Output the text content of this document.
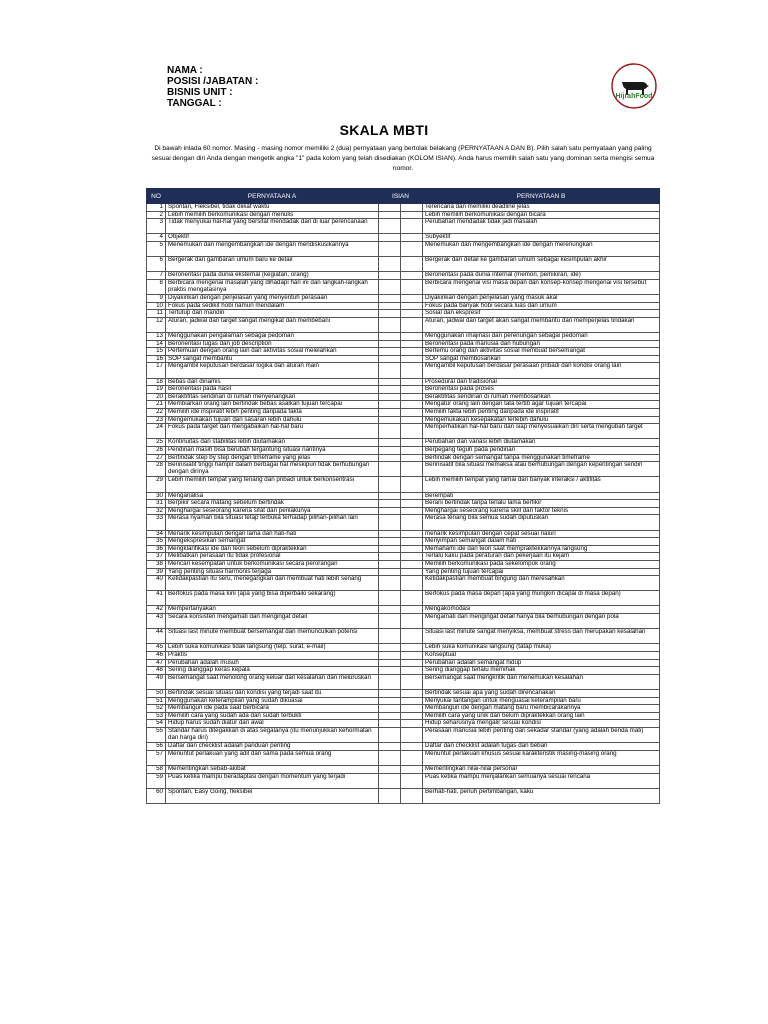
NAMA :
POSISI /JABATAN :
BISNIS UNIT :
TANGGAL :
HijrahFood
SKALA MBTI
Di bawah inlada 60 nomor. Masing - masing nomor memiliki 2 (dua) pernyataan yang bertolak belakang (PERNYATAAN A DAN B). Pilih salah satu pernyataan yang paling sesuai dengan diri Anda dengan mengetik angka "1" pada kolom yang telah disediakan (KOLOM ISIAN). Anda harus memilih salah satu yang dominan serta mengisi semua nomor.
NO	PERNYATAAN A	ISIAN		PERNYATAAN B
1	Spontan, Fleksibel, tidak diikat waktu			Terencana dan memiliki deadline jelas
2	Lebih memilih berkomunikasi dengan menulis			Lebih memilih berkomunikasi dengan bicara
3	Tidak menyukai hal-hal yang bersifat mendadak dan di luar perencanaan			Perubahan mendadak tidak jadi masalah
4	Objektif			Subyektif
5	Menemukan dan mengembangkan ide dengan mendiskusikannya			Menemukan dan mengembangkan ide dengan merenungkan
6	Bergerak dari gambaran umum baru ke detail			Bergerak dari detail ke gambaran umum sebagai kesimpulan akhir
7	Berorientasi pada dunia eksternal (kegiatan, orang)			Berorientasi pada dunia internal (memori, pemikiran, ide)
8	Berbicara mengenai masalah yang dihadapi hari ini dan langkah-langkah praktis mengatasinya			Berbicara mengenai visi masa depan dan konsep-konsep mengenai visi tersebut
9	Diyakinkan dengan penjelasan yang menyentuh perasaan			Diyakinkan dengan penjelasan yang masuk akal
10	Fokus pada sedikit hobi namun mendalam			Fokus pada banyak hobi secara luas dan umum
11	Tertutup dan mandiri			Sosial dan ekspresif
12	Aturan, jadwal dan target sangat mengikat dan membebani			Aturan, jadwal dan target akan sangat membantu dan memperjelas tindakan
13	Menggunakan pengalaman sebagai pedoman			Menggunakan imajinasi dan perenungan sebagai pedoman
14	Berorientasi tugas dan job description			Berorientasi pada manusia dan hubungan
15	Pertemuan dengan orang lain dan aktivitas sosial melelahkan			Bertemu orang dan aktivitas sosial membuat bersemangat
16	SOP sangat membantu			SOP sangat membosankan
17	Mengambil keputusan berdasar logika dan aturan main			Mengambil keputusan berdasar perasaan pribadi dan kondisi orang lain
18	Bebas dan dinamis			Prosedural dan tradisional
19	Berorientasi pada hasil			Berorientasi pada proses
20	Beraktifitas sendirian di rumah menyenangkan			Beraktifitas sendirian di rumah membosankan
21	Membiarkan orang lain bertindak bebas asalkan tujuan tercapai			Mengatur orang lain dengan tata tertib agar tujuan tercapai
22	Memilih ide inspiratif lebih penting daripada fakta			Memilih fakta lebih penting daripada ide inspiratif
23	Mengemukakan tujuan dan sasaran lebih dahulu			Mengemukakan kesepakatan terlebih dahulu
24	Fokus pada target dan mengabaikan hal-hal baru			Memperhatikan hal-hal baru dan siap menyesuaikan diri serta mengubah target
25	Kontinuitas dan stabilitas lebih diutamakan			Perubahan dan variasi lebih diutamakan
26	Pendirian masih bisa berubah tergantung situasi nantinya			Berpegang teguh pada pendirian
27	Bertindak step by step dengan timeframe yang jelas			Bertindak dengan semangat tanpa menggunakan timeframe
28	Berinisiatif tinggi hampir dalam berbagai hal meskipun tidak berhubungan dengan dirinya			Berinisiatif bila situasi memaksa atau berhubungan dengan kepentingan sendiri
29	Lebih memilih tempat yang tenang dan pribadi untuk berkonsentrasi			Lebih memilih tempat yang ramai dan banyak interaksi / aktifitas
30	Menganalisa			Berempati
31	Berpikir secara matang sebelum bertindak			Berani bertindak tanpa terlalu lama berfikir
32	Menghargai seseorang karena sifat dan perilakunya			Menghargai seseorang karena skill dan faktor teknis
33	Merasa nyaman bila situasi tetap terbuka terhadap pilihan-pilihan lain			Merasa tenang bila semua sudah diputuskan
34	Menarik kesimpulan dengan lama dan hati-hati			menarik kesimpulan dengan cepat sesuai naluri
35	Mengekspresikan semangat			Menyimpan semangat dalam hati
36	Mengklarifikasi ide dan teori sebelum dipraktekkan			Memahami ide dan teori saat mempraktekkannya langsung
37	Melibatkan perasaan itu tidak profesional			Terlalu kaku pada peraturan dan pekerjaan itu kejam
38	Mencari kesempatan untuk berkomunikasi secara perorangan			Memilih berkomunikasi pada sekelompok orang
39	Yang penting situasi harmonis terjaga			Yang penting tujuan tercapai
40	Ketidakpastian itu seru, menegangkan dan membuat hati lebih senang			Ketidakpastian membuat bingung dan meresahkan
41	Berfokus pada masa kini (apa yang bisa diperbaiki sekarang)			Berfokus pada masa depan (apa yang mungkin dicapai di masa depan)
42	Mempertanyakan			Mengakomodasi
43	Secara konsisten mengamati dan mengingat detail			Mengamati dan mengingat detail hanya bila berhubungan dengan pola
44	Situasi last minute membuat bersemangat dan memunculkan potensi			Situasi last minute sangat menyiksa, membuat stress dan merupakan kesalahan
45	Lebih suka komunikasi tidak langsung (telp, surat, e-mail)			Lebih suka komunikasi langsung (tatap muka)
46	Praktis			Konseptual
47	Perubahan adalah musuh			Perubahan adalah semangat hidup
48	Sering dianggap keras kepala			Sering dianggap terlalu memihak
49	Bersemangat saat menolong orang keluar dari kesalahan dan meluruskan			Bersemangat saat mengkritik dan menemukan kesalahan
50	Bertindak sesuai situasi dan kondisi yang terjadi saat itu			Bertindak sesuai apa yang sudah direncanakan
51	Menggunakan keterampilan yang sudah dikuasai			Menyukai tantangan untuk menguasai keterampilan baru
52	Membangun ide pada saat berbicara			Membangun ide dengan matang baru membicarakannya
53	Memilih cara yang sudah ada dan sudah terbukti			Memilih cara yang unik dan belum dipraktekkan orang lain
54	Hidup harus sudah diatur dari awal			Hidup seharusnya mengalir sesuai kondisi
55	Standar harus ditegakkan di atas segalanya (itu menunjukkan kehormatan dan harga diri)			Perasaan manusia lebih penting dari sekadar standar (yang adalah benda mati)
56	Daftar dan checklist adalah panduan penting			Daftar dan checklist adalah tugas dan beban
57	Menuntut perlakuan yang adil dan sama pada semua orang			Menuntut perlakuan khusus sesuai karakteristik masing-masing orang
58	Mementingkan sebab-akibat			Mementingkan nilai-nilai personal
59	Puas ketika mampu beradaptasi dengan momentum yang terjadi			Puas ketika mampu menjalankan semuanya sesuai rencana
60	Spontan, Easy Going, fleksibel			Berhati-hati, penuh pertimbangan, kaku
